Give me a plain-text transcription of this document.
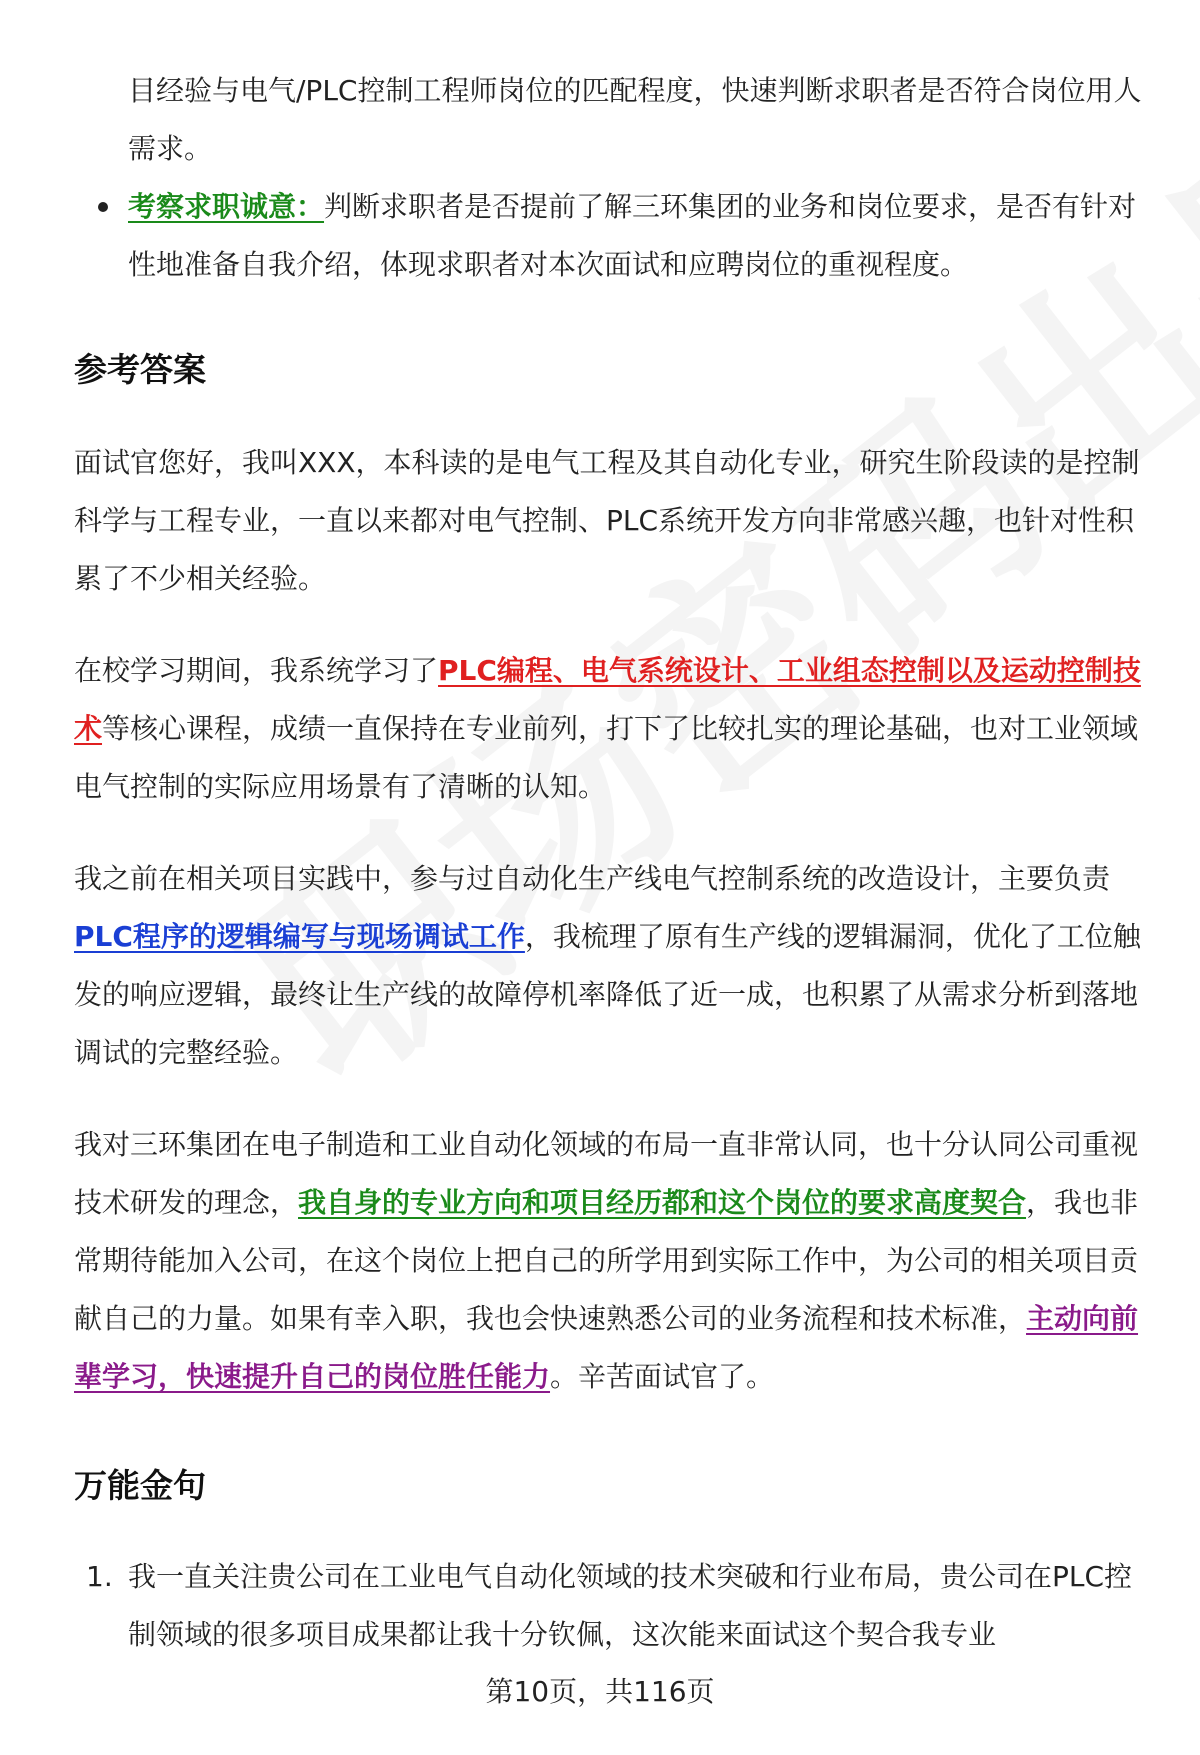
目经验与电气/PLC控制工程师岗位的匹配程度，快速判断求职者是否符合岗位用人需求。

考察求职诚意：判断求职者是否提前了解三环集团的业务和岗位要求，是否有针对性地准备自我介绍，体现求职者对本次面试和应聘岗位的重视程度。
参考答案

面试官您好，我叫XXX，本科读的是电气工程及其自动化专业，研究生阶段读的是控制科学与工程专业，一直以来都对电气控制、PLC系统开发方向非常感兴趣，也针对性积累了不少相关经验。

在校学习期间，我系统学习了PLC编程、电气系统设计、工业组态控制以及运动控制技术等核心课程，成绩一直保持在专业前列，打下了比较扎实的理论基础，也对工业领域电气控制的实际应用场景有了清晰的认知。

我之前在相关项目实践中，参与过自动化生产线电气控制系统的改造设计，主要负责PLC程序的逻辑编写与现场调试工作，我梳理了原有生产线的逻辑漏洞，优化了工位触发的响应逻辑，最终让生产线的故障停机率降低了近一成，也积累了从需求分析到落地调试的完整经验。

我对三环集团在电子制造和工业自动化领域的布局一直非常认同，也十分认同公司重视技术研发的理念，我自身的专业方向和项目经历都和这个岗位的要求高度契合，我也非常期待能加入公司，在这个岗位上把自己的所学用到实际工作中，为公司的相关项目贡献自己的力量。如果有幸入职，我也会快速熟悉公司的业务流程和技术标准，主动向前辈学习，快速提升自己的岗位胜任能力。辛苦面试官了。

万能金句
1. 我一直关注贵公司在工业电气自动化领域的技术突破和行业布局，贵公司在PLC控制领域的很多项目成果都让我十分钦佩，这次能来面试这个契合我专业
第10页，共116页
